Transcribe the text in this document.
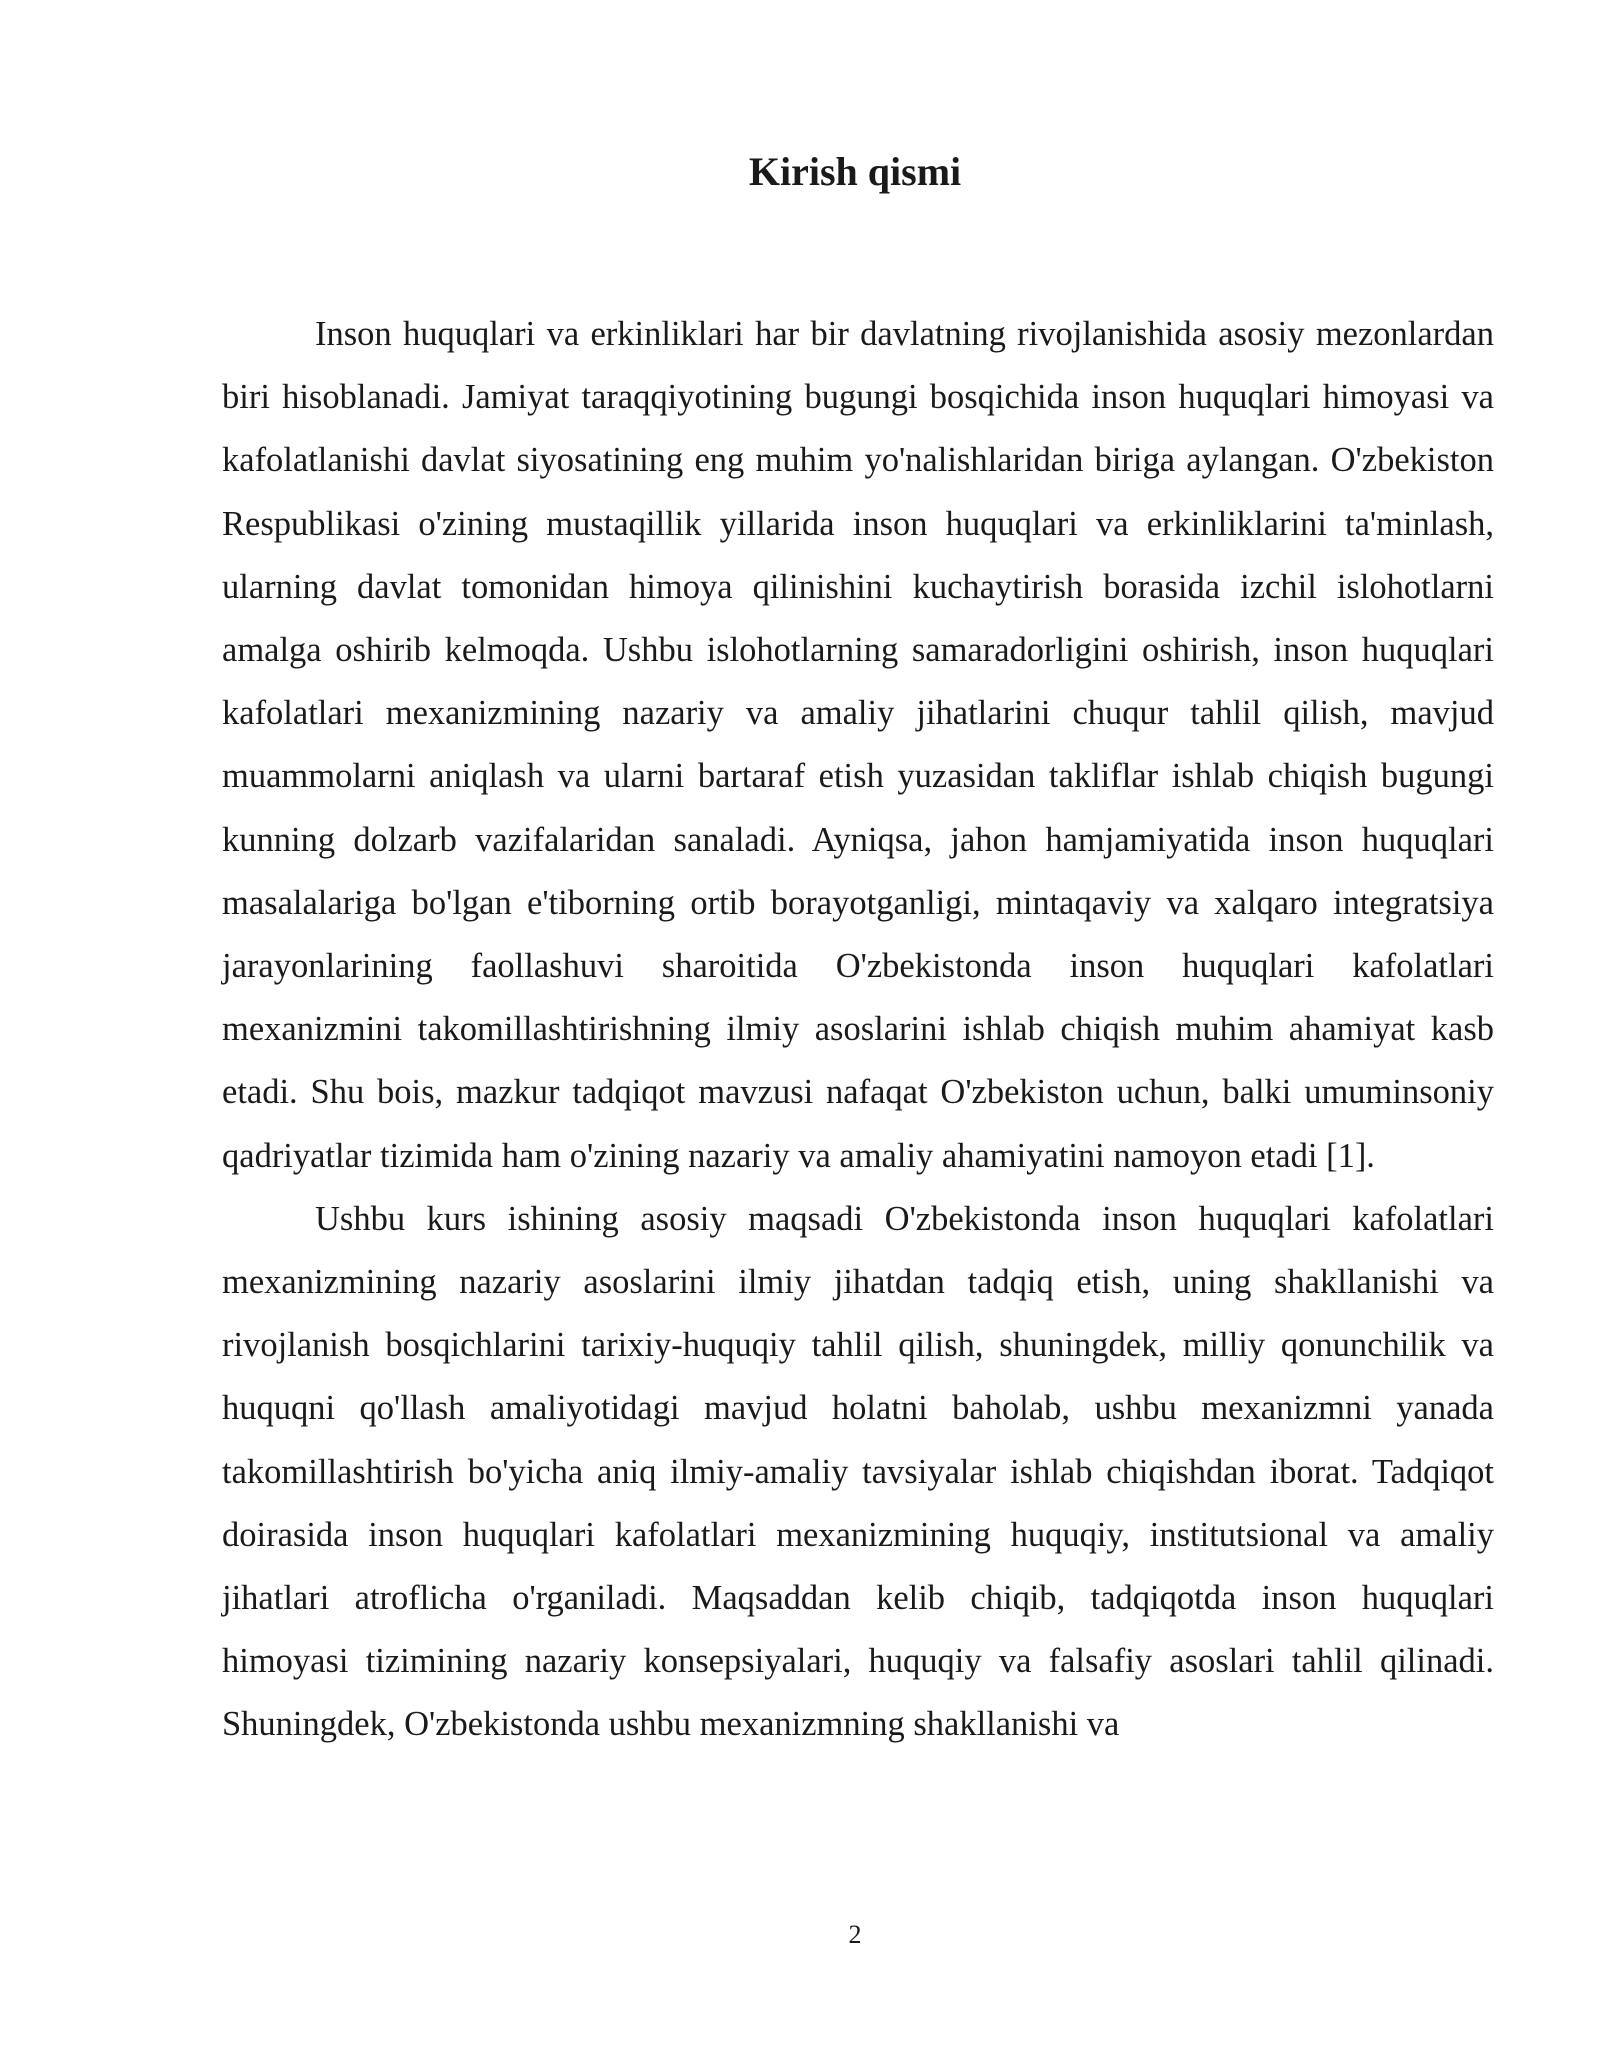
Kirish qismi

Inson huquqlari va erkinliklari har bir davlatning rivojlanishida asosiy mezonlardan biri hisoblanadi. Jamiyat taraqqiyotining bugungi bosqichida inson huquqlari himoyasi va kafolatlanishi davlat siyosatining eng muhim yo'nalishlaridan biriga aylangan. O'zbekiston Respublikasi o'zining mustaqillik yillarida inson huquqlari va erkinliklarini ta'minlash, ularning davlat tomonidan himoya qilinishini kuchaytirish borasida izchil islohotlarni amalga oshirib kelmoqda. Ushbu islohotlarning samaradorligini oshirish, inson huquqlari kafolatlari mexanizmining nazariy va amaliy jihatlarini chuqur tahlil qilish, mavjud muammolarni aniqlash va ularni bartaraf etish yuzasidan takliflar ishlab chiqish bugungi kunning dolzarb vazifalaridan sanaladi. Ayniqsa, jahon hamjamiyatida inson huquqlari masalalariga bo'lgan e'tiborning ortib borayotganligi, mintaqaviy va xalqaro integratsiya jarayonlarining faollashuvi sharoitida O'zbekistonda inson huquqlari kafolatlari mexanizmini takomillashtirishning ilmiy asoslarini ishlab chiqish muhim ahamiyat kasb etadi. Shu bois, mazkur tadqiqot mavzusi nafaqat O'zbekiston uchun, balki umuminsoniy qadriyatlar tizimida ham o'zining nazariy va amaliy ahamiyatini namoyon etadi [1].

Ushbu kurs ishining asosiy maqsadi O'zbekistonda inson huquqlari kafolatlari mexanizmining nazariy asoslarini ilmiy jihatdan tadqiq etish, uning shakllanishi va rivojlanish bosqichlarini tarixiy-huquqiy tahlil qilish, shuningdek, milliy qonunchilik va huquqni qo'llash amaliyotidagi mavjud holatni baholab, ushbu mexanizmni yanada takomillashtirish bo'yicha aniq ilmiy-amaliy tavsiyalar ishlab chiqishdan iborat. Tadqiqot doirasida inson huquqlari kafolatlari mexanizmining huquqiy, institutsional va amaliy jihatlari atroflicha o'rganiladi. Maqsaddan kelib chiqib, tadqiqotda inson huquqlari himoyasi tizimining nazariy konsepsiyalari, huquqiy va falsafiy asoslari tahlil qilinadi. Shuningdek, O'zbekistonda ushbu mexanizmning shakllanishi va

2
